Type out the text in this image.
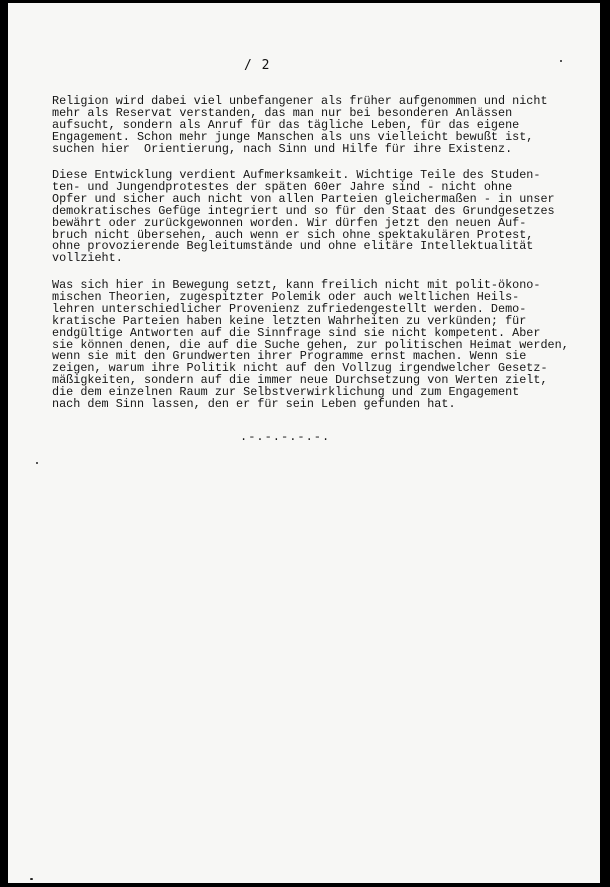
/ 2

Religion wird dabei viel unbefangener als früher aufgenommen und nicht
mehr als Reservat verstanden, das man nur bei besonderen Anlässen
aufsucht, sondern als Anruf für das tägliche Leben, für das eigene
Engagement. Schon mehr junge Manschen als uns vielleicht bewußt ist,
suchen hier  Orientierung, nach Sinn und Hilfe für ihre Existenz.

Diese Entwicklung verdient Aufmerksamkeit. Wichtige Teile des Studen-
ten- und Jungendprotestes der späten 60er Jahre sind - nicht ohne
Opfer und sicher auch nicht von allen Parteien gleichermaßen - in unser
demokratisches Gefüge integriert und so für den Staat des Grundgesetzes
bewährt oder zurückgewonnen worden. Wir dürfen jetzt den neuen Auf-
bruch nicht übersehen, auch wenn er sich ohne spektakulären Protest,
ohne provozierende Begleitumstände und ohne elitäre Intellektualität
vollzieht.

Was sich hier in Bewegung setzt, kann freilich nicht mit polit-ökono-
mischen Theorien, zugespitzter Polemik oder auch weltlichen Heils-
lehren unterschiedlicher Provenienz zufriedengestellt werden. Demo-
kratische Parteien haben keine letzten Wahrheiten zu verkünden; für
endgültige Antworten auf die Sinnfrage sind sie nicht kompetent. Aber
sie können denen, die auf die Suche gehen, zur politischen Heimat werden,
wenn sie mit den Grundwerten ihrer Programme ernst machen. Wenn sie
zeigen, warum ihre Politik nicht auf den Vollzug irgendwelcher Gesetz-
mäßigkeiten, sondern auf die immer neue Durchsetzung von Werten zielt,
die dem einzelnen Raum zur Selbstverwirklichung und zum Engagement
nach dem Sinn lassen, den er für sein Leben gefunden hat.

.-.-.-.-.-.
